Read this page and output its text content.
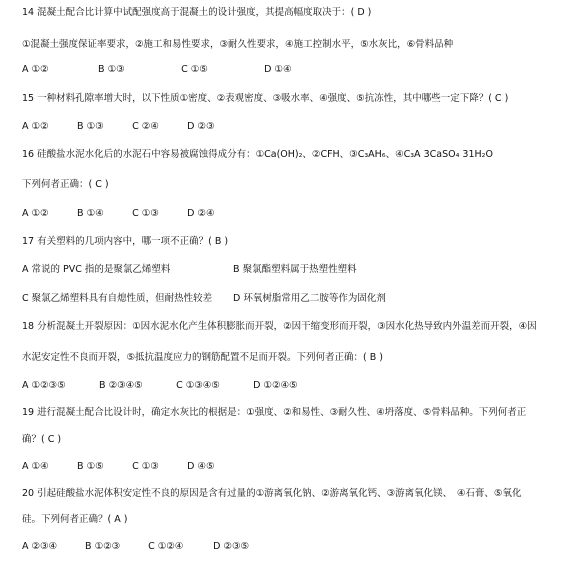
14 混凝土配合比计算中试配强度高于混凝土的设计强度，其提高幅度取决于：( D )
①混凝土强度保证率要求，②施工和易性要求，③耐久性要求，④施工控制水平，⑤水灰比，⑥骨料品种
A ①②	B ①③	C ①⑤	D ①④
15 一种材料孔隙率增大时，以下性质①密度、②表观密度、③吸水率、④强度、⑤抗冻性，其中哪些一定下降？( C )
A ①②	B ①③	C ②④	D ②③
16 硅酸盐水泥水化后的水泥石中容易被腐蚀得成分有：①Ca(OH)₂、②CFH、③C₃AH₆、④C₃A 3CaSO₄ 31H₂O
下列何者正确：( C )
A ①②	B ①④	C ①③	D ②④
17 有关塑料的几项内容中，哪一项不正确？( B )
A 常说的 PVC 指的是聚氯乙烯塑料	B 聚氯酯塑料属于热塑性塑料
C 聚氯乙烯塑料具有自熄性质，但耐热性较差 D 环氧树脂常用乙二胺等作为固化剂
18 分析混凝土开裂原因：①因水泥水化产生体积膨胀而开裂，②因干缩变形而开裂，③因水化热导致内外温差而开裂，④因
水泥安定性不良而开裂，⑤抵抗温度应力的钢筋配置不足而开裂。下列何者正确：( B )
A ①②③⑤	B ②③④⑤	C ①③④⑤	D ①②④⑤
19 进行混凝土配合比设计时，确定水灰比的根据是：①强度、②和易性、③耐久性、④坍落度、⑤骨料品种。下列何者正
确？( C )
A ①④	B ①⑤	C ①③	D ④⑤
20 引起硅酸盐水泥体积安定性不良的原因是含有过量的①游离氧化钠、②游离氧化钙、③游离氧化镁、　④石膏、⑤氧化
硅。下列何者正确？( A )
A ②③④	B ①②③	C ①②④	D ②③⑤
